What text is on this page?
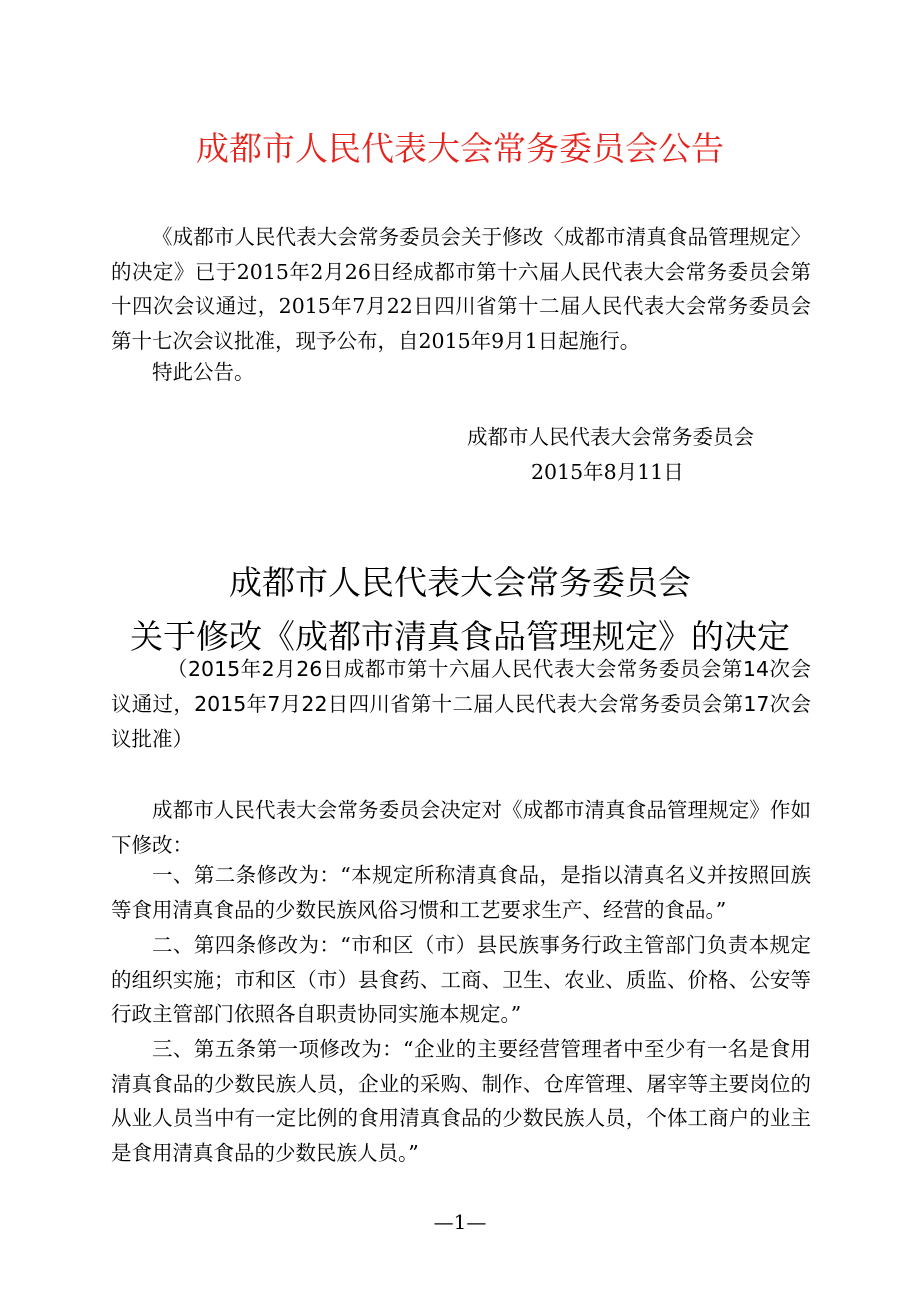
成都市人民代表大会常务委员会公告
《成都市人民代表大会常务委员会关于修改〈成都市清真食品管理规定〉的决定》已于2015年2月26日经成都市第十六届人民代表大会常务委员会第十四次会议通过，2015年7月22日四川省第十二届人民代表大会常务委员会第十七次会议批准，现予公布，自2015年9月1日起施行。
特此公告。
成都市人民代表大会常务委员会
2015年8月11日
成都市人民代表大会常务委员会
关于修改《成都市清真食品管理规定》的决定
（2015年2月26日成都市第十六届人民代表大会常务委员会第14次会议通过，2015年7月22日四川省第十二届人民代表大会常务委员会第17次会议批准）
成都市人民代表大会常务委员会决定对《成都市清真食品管理规定》作如下修改：
一、第二条修改为：“本规定所称清真食品，是指以清真名义并按照回族等食用清真食品的少数民族风俗习惯和工艺要求生产、经营的食品。”
二、第四条修改为：“市和区（市）县民族事务行政主管部门负责本规定的组织实施；市和区（市）县食药、工商、卫生、农业、质监、价格、公安等行政主管部门依照各自职责协同实施本规定。”
三、第五条第一项修改为：“企业的主要经营管理者中至少有一名是食用清真食品的少数民族人员，企业的采购、制作、仓库管理、屠宰等主要岗位的从业人员当中有一定比例的食用清真食品的少数民族人员，个体工商户的业主是食用清真食品的少数民族人员。”
—1—
